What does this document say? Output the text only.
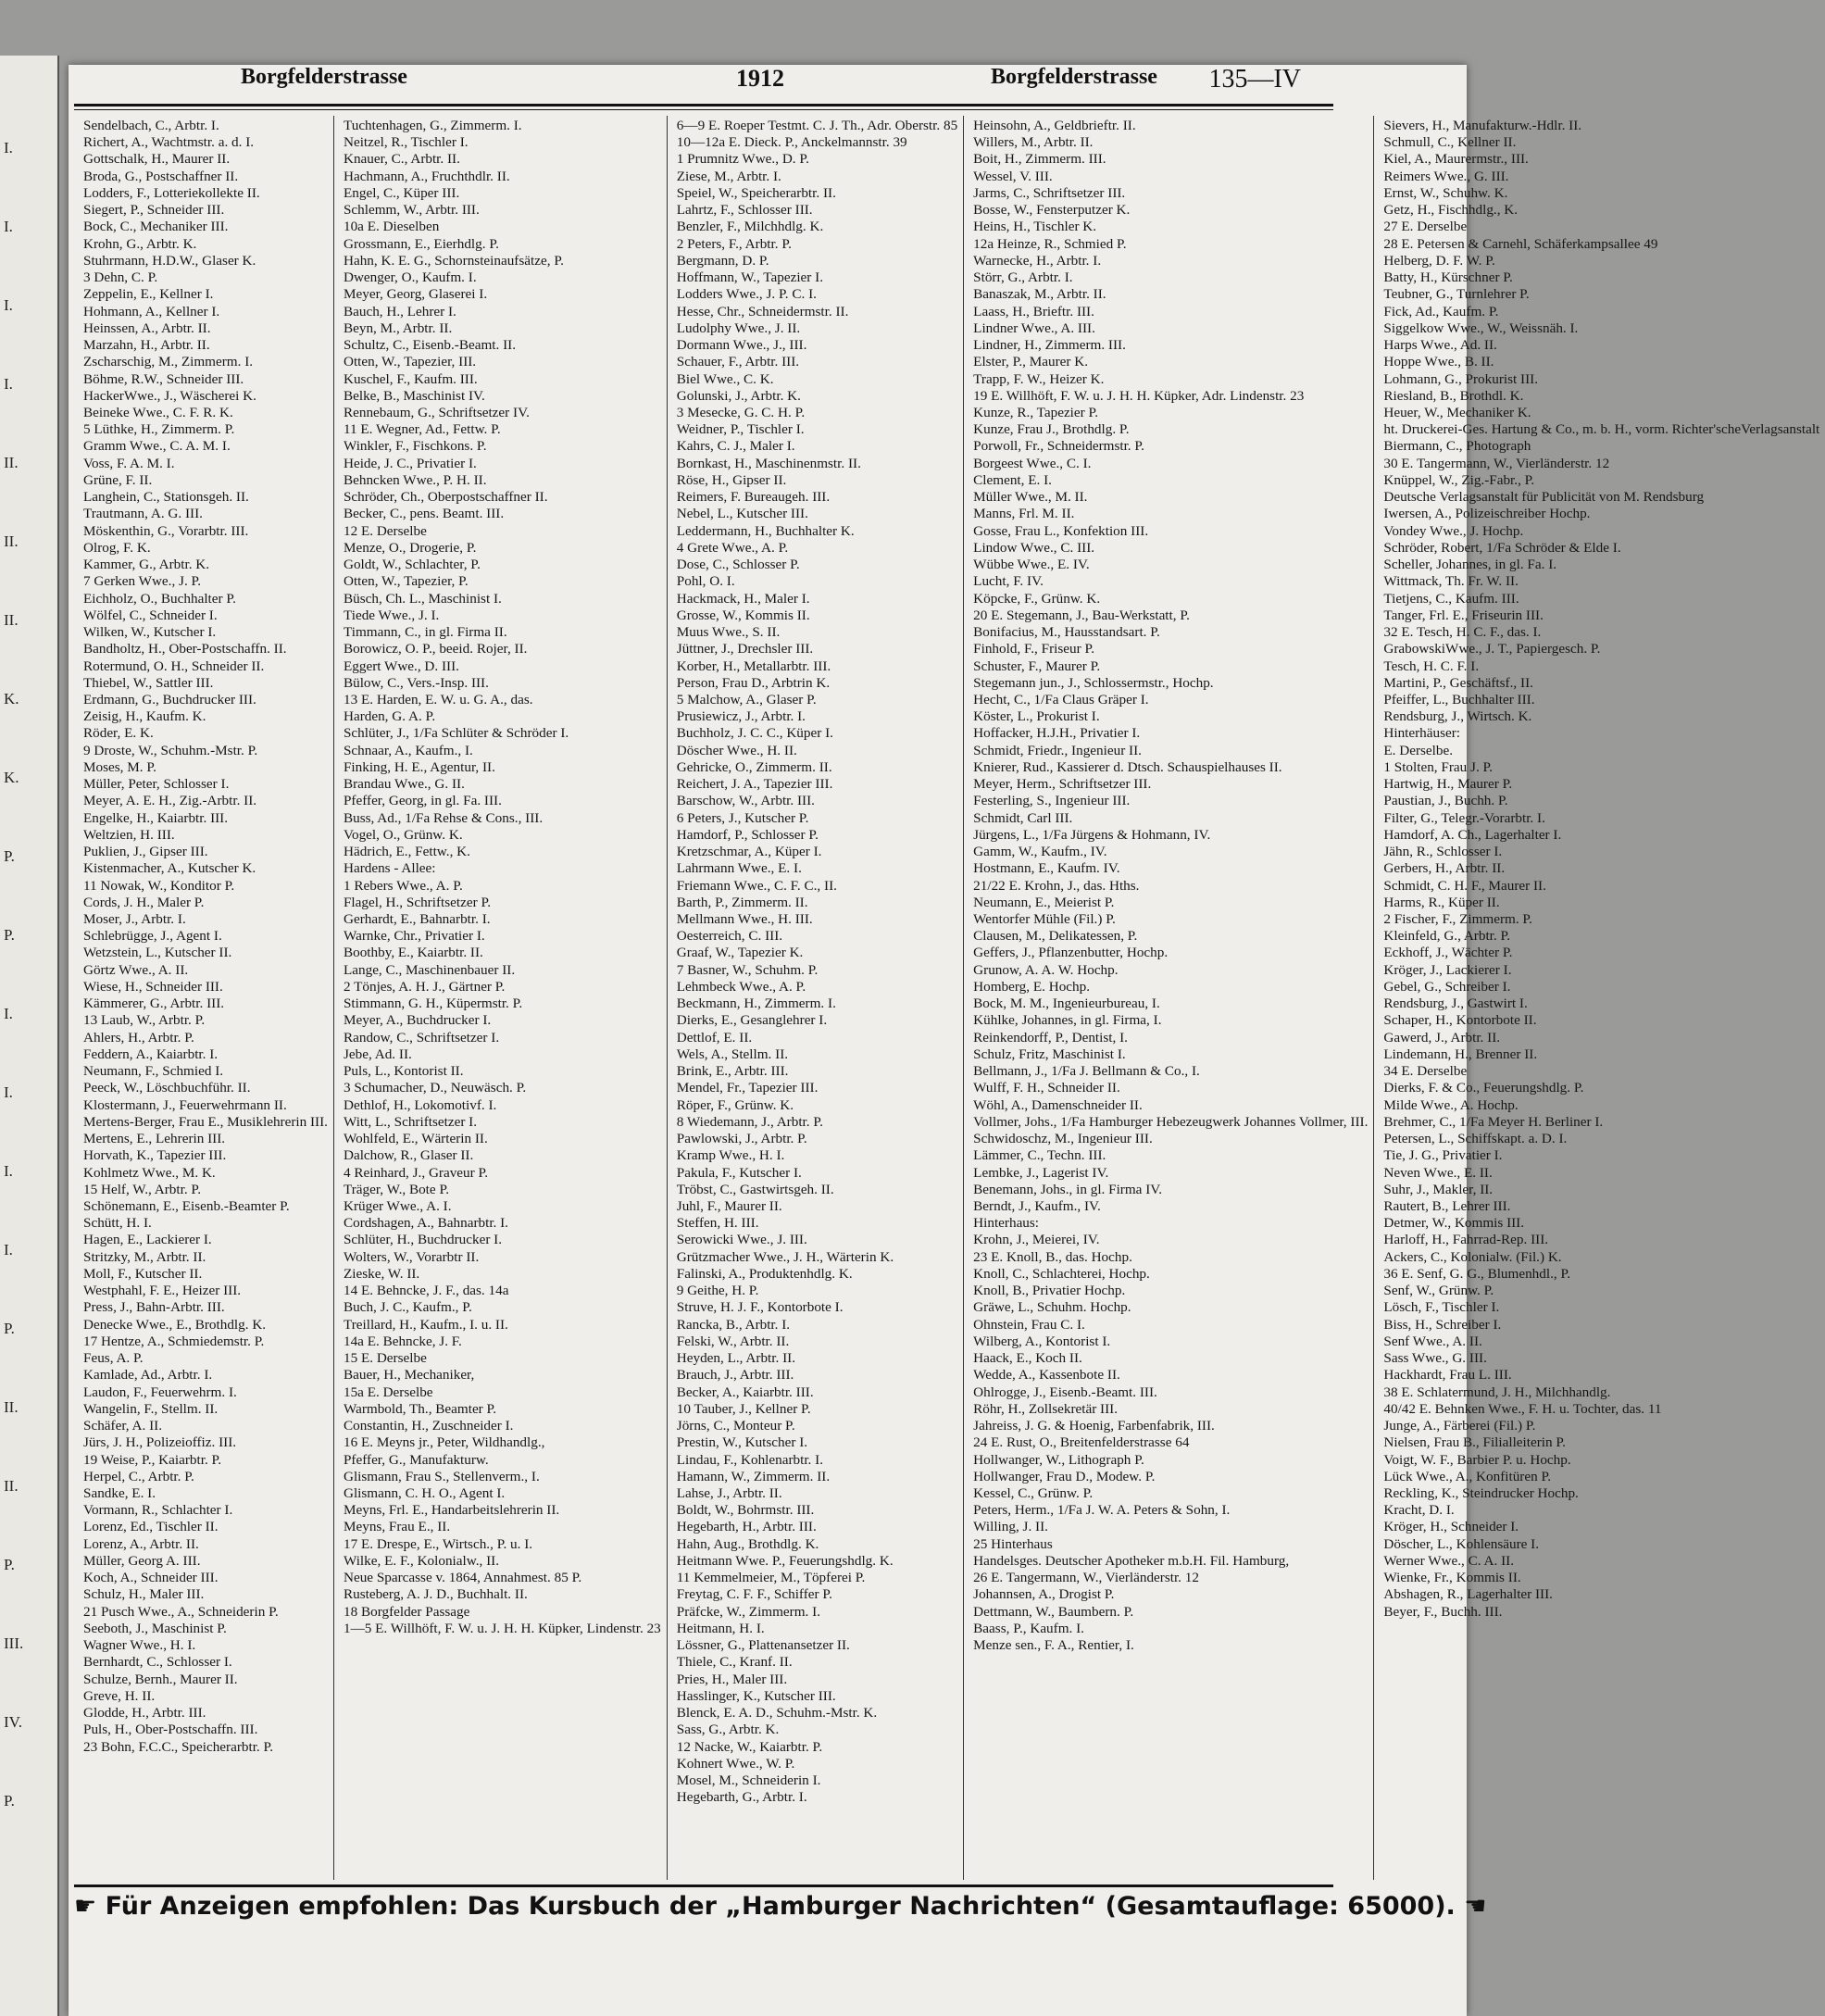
I.
I.
I.
I.
II.
II.
II.
K.
K.
P.
P.
I.
I.
I.
I.
P.
II.
II.
P.
III.
IV.
P.
Borgfelderstrasse	1912	Borgfelderstrasse 135—IV
Sendelbach, C., Arbtr. I.
Richert, A., Wachtmstr. a. d. I.
Gottschalk, H., Maurer II.
Broda, G., Postschaffner II.
Lodders, F., Lotteriekollekte II.
Siegert, P., Schneider III.
Bock, C., Mechaniker III.
Krohn, G., Arbtr. K.
Stuhrmann, H.D.W., Glaser K.
3 Dehn, C. P.
Zeppelin, E., Kellner I.
Hohmann, A., Kellner I.
Heinssen, A., Arbtr. II.
Marzahn, H., Arbtr. II.
Zscharschig, M., Zimmerm. I.
Böhme, R.W., Schneider III.
HackerWwe., J., Wäscherei K.
Beineke Wwe., C. F. R. K.
5 Lüthke, H., Zimmerm. P.
Gramm Wwe., C. A. M. I.
Voss, F. A. M. I.
Grüne, F. II.
Langhein, C., Stationsgeh. II.
Trautmann, A. G. III.
Möskenthin, G., Vorarbtr. III.
Olrog, F. K.
Kammer, G., Arbtr. K.
7 Gerken Wwe., J. P.
Eichholz, O., Buchhalter P.
Wölfel, C., Schneider I.
Wilken, W., Kutscher I.
Bandholtz, H., Ober-Postschaffn. II.
Rotermund, O. H., Schneider II.
Thiebel, W., Sattler III.
Erdmann, G., Buchdrucker III.
Zeisig, H., Kaufm. K.
Röder, E. K.
9 Droste, W., Schuhm.-Mstr. P.
Moses, M. P.
Müller, Peter, Schlosser I.
Meyer, A. E. H., Zig.-Arbtr. II.
Engelke, H., Kaiarbtr. III.
Weltzien, H. III.
Puklien, J., Gipser III.
Kistenmacher, A., Kutscher K.
11 Nowak, W., Konditor P.
Cords, J. H., Maler P.
Moser, J., Arbtr. I.
Schlebrügge, J., Agent I.
Wetzstein, L., Kutscher II.
Görtz Wwe., A. II.
Wiese, H., Schneider III.
Kämmerer, G., Arbtr. III.
13 Laub, W., Arbtr. P.
Ahlers, H., Arbtr. P.
Feddern, A., Kaiarbtr. I.
Neumann, F., Schmied I.
Peeck, W., Löschbuchführ. II.
Klostermann, J., Feuerwehrmann II.
Mertens-Berger, Frau E., Musiklehrerin III.
Mertens, E., Lehrerin III.
Horvath, K., Tapezier III.
Kohlmetz Wwe., M. K.
15 Helf, W., Arbtr. P.
Schönemann, E., Eisenb.-Beamter P.
Schütt, H. I.
Hagen, E., Lackierer I.
Stritzky, M., Arbtr. II.
Moll, F., Kutscher II.
Westphahl, F. E., Heizer III.
Press, J., Bahn-Arbtr. III.
Denecke Wwe., E., Brothdlg. K.
17 Hentze, A., Schmiedemstr. P.
Feus, A. P.
Kamlade, Ad., Arbtr. I.
Laudon, F., Feuerwehrm. I.
Wangelin, F., Stellm. II.
Schäfer, A. II.
Jürs, J. H., Polizeioffiz. III.
19 Weise, P., Kaiarbtr. P.
Herpel, C., Arbtr. P.
Sandke, E. I.
Vormann, R., Schlachter I.
Lorenz, Ed., Tischler II.
Lorenz, A., Arbtr. II.
Müller, Georg A. III.
Koch, A., Schneider III.
Schulz, H., Maler III.
21 Pusch Wwe., A., Schneiderin P.
Seeboth, J., Maschinist P.
Wagner Wwe., H. I.
Bernhardt, C., Schlosser I.
Schulze, Bernh., Maurer II.
Greve, H. II.
Glodde, H., Arbtr. III.
Puls, H., Ober-Postschaffn. III.
23 Bohn, F.C.C., Speicherarbtr. P.
Tuchtenhagen, G., Zimmerm. I.
Neitzel, R., Tischler I.
Knauer, C., Arbtr. II.
Hachmann, A., Fruchthdlr. II.
Engel, C., Küper III.
Schlemm, W., Arbtr. III.
10a E. Dieselben
Grossmann, E., Eierhdlg. P.
Hahn, K. E. G., Schornsteinaufsätze, P.
Dwenger, O., Kaufm. I.
Meyer, Georg, Glaserei I.
Bauch, H., Lehrer I.
Beyn, M., Arbtr. II.
Schultz, C., Eisenb.-Beamt. II.
Otten, W., Tapezier, III.
Kuschel, F., Kaufm. III.
Belke, B., Maschinist IV.
Rennebaum, G., Schriftsetzer IV.
11 E. Wegner, Ad., Fettw. P.
Winkler, F., Fischkons. P.
Heide, J. C., Privatier I.
Behncken Wwe., P. H. II.
Schröder, Ch., Oberpostschaffner II.
Becker, C., pens. Beamt. III.
12 E. Derselbe
Menze, O., Drogerie, P.
Goldt, W., Schlachter, P.
Otten, W., Tapezier, P.
Büsch, Ch. L., Maschinist I.
Tiede Wwe., J. I.
Timmann, C., in gl. Firma II.
Borowicz, O. P., beeid. Rojer, II.
Eggert Wwe., D. III.
Bülow, C., Vers.-Insp. III.
13 E. Harden, E. W. u. G. A., das.
Harden, G. A. P.
Schlüter, J., 1/Fa Schlüter & Schröder I.
Schnaar, A., Kaufm., I.
Finking, H. E., Agentur, II.
Brandau Wwe., G. II.
Pfeffer, Georg, in gl. Fa. III.
Buss, Ad., 1/Fa Rehse & Cons., III.
Vogel, O., Grünw. K.
Hädrich, E., Fettw., K.
Hardens - Allee:
1 Rebers Wwe., A. P.
Flagel, H., Schriftsetzer P.
Gerhardt, E., Bahnarbtr. I.
Warnke, Chr., Privatier I.
Boothby, E., Kaiarbtr. II.
Lange, C., Maschinenbauer II.
2 Tönjes, A. H. J., Gärtner P.
Stimmann, G. H., Küpermstr. P.
Meyer, A., Buchdrucker I.
Randow, C., Schriftsetzer I.
Jebe, Ad. II.
Puls, L., Kontorist II.
3 Schumacher, D., Neuwäsch. P.
Dethlof, H., Lokomotivf. I.
Witt, L., Schriftsetzer I.
Wohlfeld, E., Wärterin II.
Dalchow, R., Glaser II.
4 Reinhard, J., Graveur P.
Träger, W., Bote P.
Krüger Wwe., A. I.
Cordshagen, A., Bahnarbtr. I.
Schlüter, H., Buchdrucker I.
Wolters, W., Vorarbtr II.
Zieske, W. II.
14 E. Behncke, J. F., das. 14a
Buch, J. C., Kaufm., P.
Treillard, H., Kaufm., I. u. II.
14a E. Behncke, J. F.
15 E. Derselbe
Bauer, H., Mechaniker,
15a E. Derselbe
Warmbold, Th., Beamter P.
Constantin, H., Zuschneider I.
16 E. Meyns jr., Peter, Wildhandlg.,
Pfeffer, G., Manufakturw.
Glismann, Frau S., Stellenverm., I.
Glismann, C. H. O., Agent I.
Meyns, Frl. E., Handarbeitslehrerin II.
Meyns, Frau E., II.
17 E. Drespe, E., Wirtsch., P. u. I.
Wilke, E. F., Kolonialw., II.
Neue Sparcasse v. 1864, Annahmest. 85 P.
Rusteberg, A. J. D., Buchhalt. II.
18 Borgfelder Passage
1—5 E. Willhöft, F. W. u. J. H. H. Küpker, Lindenstr. 23
6—9 E. Roeper Testmt. C. J. Th., Adr. Oberstr. 85
10—12a E. Dieck. P., Anckelmannstr. 39
1 Prumnitz Wwe., D. P.
Ziese, M., Arbtr. I.
Speiel, W., Speicherarbtr. II.
Lahrtz, F., Schlosser III.
Benzler, F., Milchhdlg. K.
2 Peters, F., Arbtr. P.
Bergmann, D. P.
Hoffmann, W., Tapezier I.
Lodders Wwe., J. P. C. I.
Hesse, Chr., Schneidermstr. II.
Ludolphy Wwe., J. II.
Dormann Wwe., J., III.
Schauer, F., Arbtr. III.
Biel Wwe., C. K.
Golunski, J., Arbtr. K.
3 Mesecke, G. C. H. P.
Weidner, P., Tischler I.
Kahrs, C. J., Maler I.
Bornkast, H., Maschinenmstr. II.
Röse, H., Gipser II.
Reimers, F. Bureaugeh. III.
Nebel, L., Kutscher III.
Leddermann, H., Buchhalter K.
4 Grete Wwe., A. P.
Dose, C., Schlosser P.
Pohl, O. I.
Hackmack, H., Maler I.
Grosse, W., Kommis II.
Muus Wwe., S. II.
Jüttner, J., Drechsler III.
Korber, H., Metallarbtr. III.
Person, Frau D., Arbtrin K.
5 Malchow, A., Glaser P.
Prusiewicz, J., Arbtr. I.
Buchholz, J. C. C., Küper I.
Döscher Wwe., H. II.
Gehricke, O., Zimmerm. II.
Reichert, J. A., Tapezier III.
Barschow, W., Arbtr. III.
6 Peters, J., Kutscher P.
Hamdorf, P., Schlosser P.
Kretzschmar, A., Küper I.
Lahrmann Wwe., E. I.
Friemann Wwe., C. F. C., II.
Barth, P., Zimmerm. II.
Mellmann Wwe., H. III.
Oesterreich, C. III.
Graaf, W., Tapezier K.
7 Basner, W., Schuhm. P.
Lehmbeck Wwe., A. P.
Beckmann, H., Zimmerm. I.
Dierks, E., Gesanglehrer I.
Dettlof, E. II.
Wels, A., Stellm. II.
Brink, E., Arbtr. III.
Mendel, Fr., Tapezier III.
Röper, F., Grünw. K.
8 Wiedemann, J., Arbtr. P.
Pawlowski, J., Arbtr. P.
Kramp Wwe., H. I.
Pakula, F., Kutscher I.
Tröbst, C., Gastwirtsgeh. II.
Juhl, F., Maurer II.
Steffen, H. III.
Serowicki Wwe., J. III.
Grützmacher Wwe., J. H., Wärterin K.
Falinski, A., Produktenhdlg. K.
9 Geithe, H. P.
Struve, H. J. F., Kontorbote I.
Rancka, B., Arbtr. I.
Felski, W., Arbtr. II.
Heyden, L., Arbtr. II.
Brauch, J., Arbtr. III.
Becker, A., Kaiarbtr. III.
10 Tauber, J., Kellner P.
Jörns, C., Monteur P.
Prestin, W., Kutscher I.
Lindau, F., Kohlenarbtr. I.
Hamann, W., Zimmerm. II.
Lahse, J., Arbtr. II.
Boldt, W., Bohrmstr. III.
Hegebarth, H., Arbtr. III.
Hahn, Aug., Brothdlg. K.
Heitmann Wwe. P., Feuerungshdlg. K.
11 Kemmelmeier, M., Töpferei P.
Freytag, C. F. F., Schiffer P.
Präfcke, W., Zimmerm. I.
Heitmann, H. I.
Lössner, G., Plattenansetzer II.
Thiele, C., Kranf. II.
Pries, H., Maler III.
Hasslinger, K., Kutscher III.
Blenck, E. A. D., Schuhm.-Mstr. K.
Sass, G., Arbtr. K.
12 Nacke, W., Kaiarbtr. P.
Kohnert Wwe., W. P.
Mosel, M., Schneiderin I.
Hegebarth, G., Arbtr. I.
Heinsohn, A., Geldbrieftr. II.
Willers, M., Arbtr. II.
Boit, H., Zimmerm. III.
Wessel, V. III.
Jarms, C., Schriftsetzer III.
Bosse, W., Fensterputzer K.
Heins, H., Tischler K.
12a Heinze, R., Schmied P.
Warnecke, H., Arbtr. I.
Störr, G., Arbtr. I.
Banaszak, M., Arbtr. II.
Laass, H., Brieftr. III.
Lindner Wwe., A. III.
Lindner, H., Zimmerm. III.
Elster, P., Maurer K.
Trapp, F. W., Heizer K.
19 E. Willhöft, F. W. u. J. H. H. Küpker, Adr. Lindenstr. 23
Kunze, R., Tapezier P.
Kunze, Frau J., Brothdlg. P.
Porwoll, Fr., Schneidermstr. P.
Borgeest Wwe., C. I.
Clement, E. I.
Müller Wwe., M. II.
Manns, Frl. M. II.
Gosse, Frau L., Konfektion III.
Lindow Wwe., C. III.
Wübbe Wwe., E. IV.
Lucht, F. IV.
Köpcke, F., Grünw. K.
20 E. Stegemann, J., Bau-Werkstatt, P.
Bonifacius, M., Hausstandsart. P.
Finhold, F., Friseur P.
Schuster, F., Maurer P.
Stegemann jun., J., Schlossermstr., Hochp.
Hecht, C., 1/Fa Claus Gräper I.
Köster, L., Prokurist I.
Hoffacker, H.J.H., Privatier I.
Schmidt, Friedr., Ingenieur II.
Knierer, Rud., Kassierer d. Dtsch. Schauspielhauses II.
Meyer, Herm., Schriftsetzer III.
Festerling, S., Ingenieur III.
Schmidt, Carl III.
Jürgens, L., 1/Fa Jürgens & Hohmann, IV.
Gamm, W., Kaufm., IV.
Hostmann, E., Kaufm. IV.
21/22 E. Krohn, J., das. Hths.
Neumann, E., Meierist P.
Wentorfer Mühle (Fil.) P.
Clausen, M., Delikatessen, P.
Geffers, J., Pflanzenbutter, Hochp.
Grunow, A. A. W. Hochp.
Homberg, E. Hochp.
Bock, M. M., Ingenieurbureau, I.
Kühlke, Johannes, in gl. Firma, I.
Reinkendorff, P., Dentist, I.
Schulz, Fritz, Maschinist I.
Bellmann, J., 1/Fa J. Bellmann & Co., I.
Wulff, F. H., Schneider II.
Wöhl, A., Damenschneider II.
Vollmer, Johs., 1/Fa Hamburger Hebezeugwerk Johannes Vollmer, III.
Schwidoschz, M., Ingenieur III.
Lämmer, C., Techn. III.
Lembke, J., Lagerist IV.
Benemann, Johs., in gl. Firma IV.
Berndt, J., Kaufm., IV.
Hinterhaus:
Krohn, J., Meierei, IV.
23 E. Knoll, B., das. Hochp.
Knoll, C., Schlachterei, Hochp.
Knoll, B., Privatier Hochp.
Gräwe, L., Schuhm. Hochp.
Ohnstein, Frau C. I.
Wilberg, A., Kontorist I.
Haack, E., Koch II.
Wedde, A., Kassenbote II.
Ohlrogge, J., Eisenb.-Beamt. III.
Röhr, H., Zollsekretär III.
Jahreiss, J. G. & Hoenig, Farbenfabrik, III.
24 E. Rust, O., Breitenfelderstrasse 64
Hollwanger, W., Lithograph P.
Hollwanger, Frau D., Modew. P.
Kessel, C., Grünw. P.
Peters, Herm., 1/Fa J. W. A. Peters & Sohn, I.
Willing, J. II.
25 Hinterhaus
Handelsges. Deutscher Apotheker m.b.H. Fil. Hamburg,
26 E. Tangermann, W., Vierländerstr. 12
Johannsen, A., Drogist P.
Dettmann, W., Baumbern. P.
Baass, P., Kaufm. I.
Menze sen., F. A., Rentier, I.
Sievers, H., Manufakturw.-Hdlr. II.
Schmull, C., Kellner II.
Kiel, A., Maurermstr., III.
Reimers Wwe., G. III.
Ernst, W., Schuhw. K.
Getz, H., Fischhdlg., K.
27 E. Derselbe
28 E. Petersen & Carnehl, Schäferkampsallee 49
Helberg, D. F. W. P.
Batty, H., Kürschner P.
Teubner, G., Turnlehrer P.
Fick, Ad., Kaufm. P.
Siggelkow Wwe., W., Weissnäh. I.
Harps Wwe., Ad. II.
Hoppe Wwe., B. II.
Lohmann, G., Prokurist III.
Riesland, B., Brothdl. K.
Heuer, W., Mechaniker K.
ht. Druckerei-Ges. Hartung & Co., m. b. H., vorm. Richter'scheVerlagsanstalt
Biermann, C., Photograph
30 E. Tangermann, W., Vierländerstr. 12
Knüppel, W., Zig.-Fabr., P.
Deutsche Verlagsanstalt für Publicität von M. Rendsburg
Iwersen, A., Polizeischreiber Hochp.
Vondey Wwe., J. Hochp.
Schröder, Robert, 1/Fa Schröder & Elde I.
Scheller, Johannes, in gl. Fa. I.
Wittmack, Th. Fr. W. II.
Tietjens, C., Kaufm. III.
Tanger, Frl. E., Friseurin III.
32 E. Tesch, H. C. F., das. I.
GrabowskiWwe., J. T., Papiergesch. P.
Tesch, H. C. F. I.
Martini, P., Geschäftsf., II.
Pfeiffer, L., Buchhalter III.
Rendsburg, J., Wirtsch. K.
Hinterhäuser:
E. Derselbe.
1 Stolten, Frau J. P.
Hartwig, H., Maurer P.
Paustian, J., Buchh. P.
Filter, G., Telegr.-Vorarbtr. I.
Hamdorf, A. Ch., Lagerhalter I.
Jähn, R., Schlosser I.
Gerbers, H., Arbtr. II.
Schmidt, C. H. F., Maurer II.
Harms, R., Küper II.
2 Fischer, F., Zimmerm. P.
Kleinfeld, G., Arbtr. P.
Eckhoff, J., Wächter P.
Kröger, J., Lackierer I.
Gebel, G., Schreiber I.
Rendsburg, J., Gastwirt I.
Schaper, H., Kontorbote II.
Gawerd, J., Arbtr. II.
Lindemann, H., Brenner II.
34 E. Derselbe
Dierks, F. & Co., Feuerungshdlg. P.
Milde Wwe., A. Hochp.
Brehmer, C., 1/Fa Meyer H. Berliner I.
Petersen, L., Schiffskapt. a. D. I.
Tie, J. G., Privatier I.
Neven Wwe., E. II.
Suhr, J., Makler, II.
Rautert, B., Lehrer III.
Detmer, W., Kommis III.
Harloff, H., Fahrrad-Rep. III.
Ackers, C., Kolonialw. (Fil.) K.
36 E. Senf, G. G., Blumenhdl., P.
Senf, W., Grünw. P.
Lösch, F., Tischler I.
Biss, H., Schreiber I.
Senf Wwe., A. II.
Sass Wwe., G. III.
Hackhardt, Frau L. III.
38 E. Schlatermund, J. H., Milchhandlg.
40/42 E. Behnken Wwe., F. H. u. Tochter, das. 11
Junge, A., Färberei (Fil.) P.
Nielsen, Frau B., Filialleiterin P.
Voigt, W. F., Barbier P. u. Hochp.
Lück Wwe., A., Konfitüren P.
Reckling, K., Steindrucker Hochp.
Kracht, D. I.
Kröger, H., Schneider I.
Döscher, L., Kohlensäure I.
Werner Wwe., C. A. II.
Wienke, Fr., Kommis II.
Abshagen, R., Lagerhalter III.
Beyer, F., Buchh. III.
☛ Für Anzeigen empfohlen: Das Kursbuch der „Hamburger Nachrichten“ (Gesamtauflage: 65000). ☚
